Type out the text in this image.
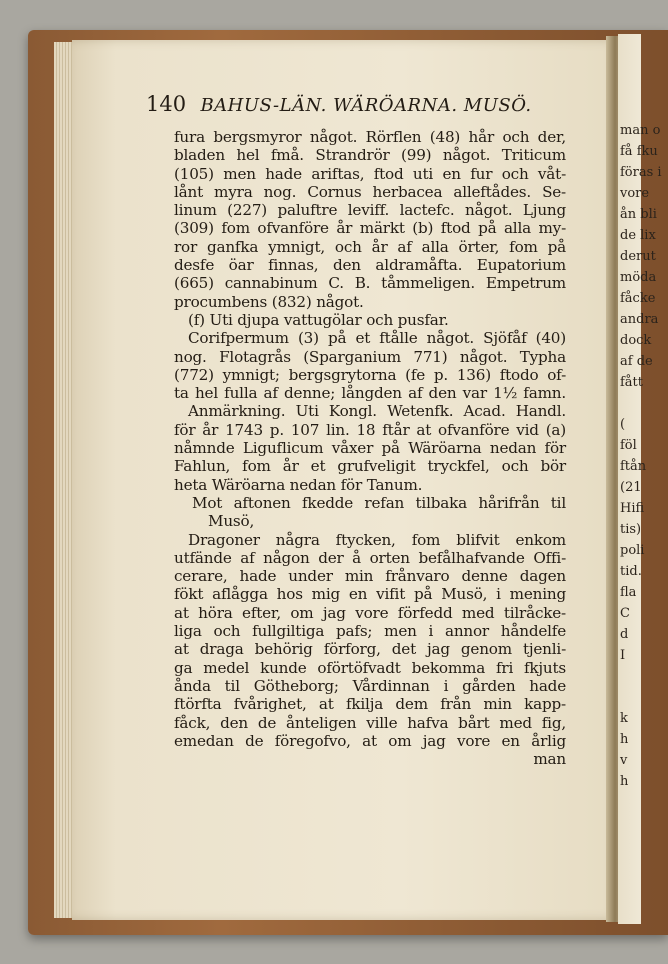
man o
få fku
föras i
vore
ån bli
de lix
derut
möda
fåcke
andra
dock
af de
fått

(
föl
ftån
(21
Hifi
tis)
poli
tid.
fla
C
d
I

k
h
v
h
140 BAHUS-LÄN. WÄRÖARNA. MUSÖ.
fura bergsmyror något. Rörflen (48) hår och der,
bladen hel fmå. Strandrör (99) något. Triticum
(105) men hade ariftas, ftod uti en fur och våt-
lånt myra nog. Cornus herbacea alleftådes. Se-
linum (227) paluftre leviff. lactefc. något. Ljung
(309) fom ofvanföre år märkt (b) ftod på alla my-
ror ganfka ymnigt, och år af alla örter, fom på
desfe öar finnas, den aldramåfta. Eupatorium
(665) cannabinum C. B. tåmmeligen. Empetrum
procumbens (832) något.
(f) Uti djupa vattugölar och pusfar.
Corifpermum (3) på et ftålle något. Sjöfåf (40)
nog. Flotagrås (Sparganium 771) något. Typha
(772) ymnigt; bergsgrytorna (fe p. 136) ftodo of-
ta hel fulla af denne; långden af den var 1½ famn.
Anmärkning. Uti Kongl. Wetenfk. Acad. Handl.
för år 1743 p. 107 lin. 18 ftår at ofvanföre vid (a)
nåmnde Liguflicum våxer på Wäröarna nedan för
Fahlun, fom år et grufveligit tryckfel, och bör
heta Wäröarna nedan för Tanum.
Mot aftonen fkedde refan tilbaka hårifrån til
Musö,
Dragoner några ftycken, fom blifvit enkom
utfände af någon der å orten befålhafvande Offi-
cerare, hade under min frånvaro denne dagen
fökt aflågga hos mig en vifit på Musö, i mening
at höra efter, om jag vore förfedd med tilråcke-
liga och fullgiltiga pafs; men i annor håndelfe
at draga behörig förforg, det jag genom tjenli-
ga medel kunde oförtöfvadt bekomma fri fkjuts
ånda til Götheborg; Vårdinnan i gården hade
ftörfta fvårighet, at fkilja dem från min kapp-
fåck, den de ånteligen ville hafva bårt med fig,
emedan de föregofvo, at om jag vore en årlig
man
